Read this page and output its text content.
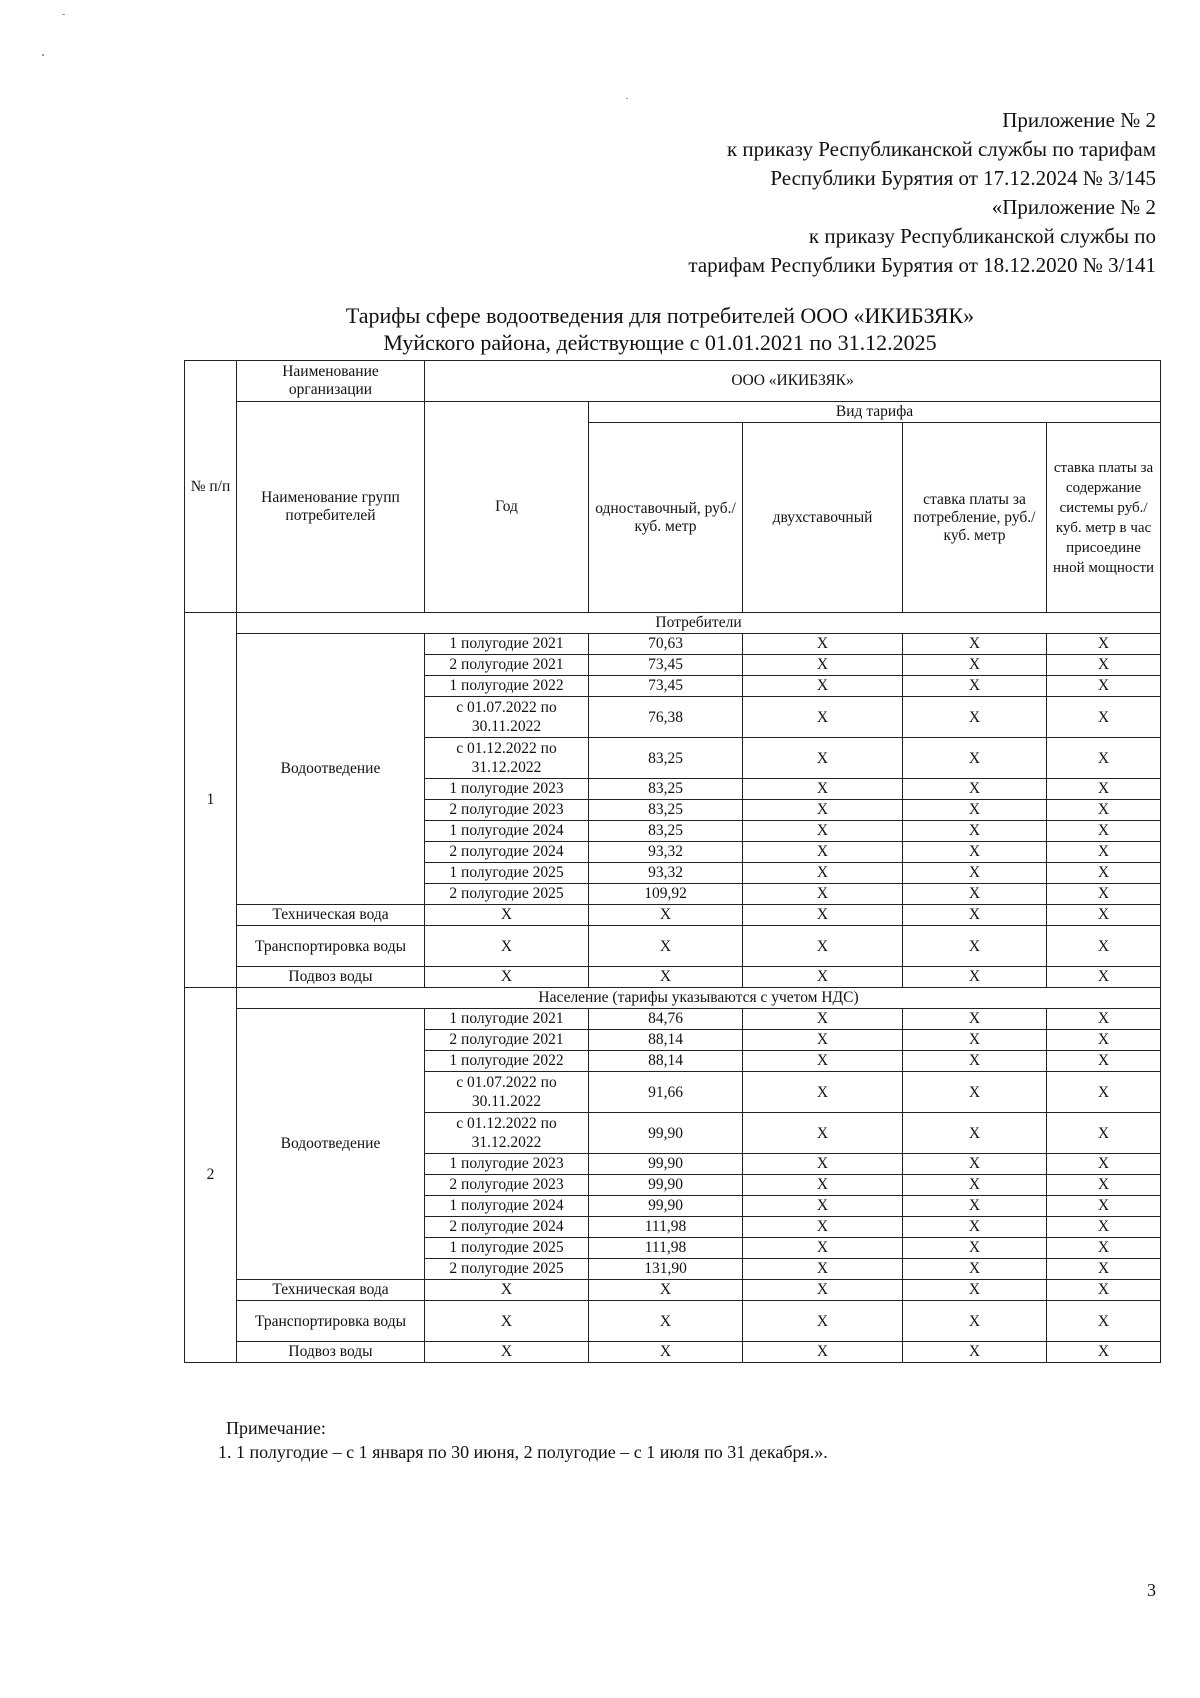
Приложение № 2
к приказу Республиканской службы по тарифам
Республики Бурятия от 17.12.2024 № 3/145
«Приложение № 2
к приказу Республиканской службы по
тарифам Республики Бурятия от 18.12.2020 № 3/141
Тарифы сфере водоотведения для потребителей ООО «ИКИБЗЯК»
Муйского района, действующие с 01.01.2021 по 31.12.2025
№ п/п	Наименование организации	ООО «ИКИБЗЯК»				
	Наименование групп потребителей	Год	Вид тарифа			
			одноставочный, руб./ куб. метр	двухставочный	ставка платы за потребление, руб./ куб. метр	ставка платы за содержание системы руб./куб. метр в час присоедине нной мощности
1	Потребители					
	Водоотведение	1 полугодие 2021	70,63	X	X	X
		2 полугодие 2021	73,45	X	X	X
		1 полугодие 2022	73,45	X	X	X
		с 01.07.2022 по 30.11.2022	76,38	X	X	X
		с 01.12.2022 по 31.12.2022	83,25	X	X	X
		1 полугодие 2023	83,25	X	X	X
		2 полугодие 2023	83,25	X	X	X
		1 полугодие 2024	83,25	X	X	X
		2 полугодие 2024	93,32	X	X	X
		1 полугодие 2025	93,32	X	X	X
		2 полугодие 2025	109,92	X	X	X
	Техническая вода	X	X	X	X	X
	Транспортировка воды	X	X	X	X	X
	Подвоз воды	X	X	X	X	X
2	Население (тарифы указываются с учетом НДС)					
	Водоотведение	1 полугодие 2021	84,76	X	X	X
		2 полугодие 2021	88,14	X	X	X
		1 полугодие 2022	88,14	X	X	X
		с 01.07.2022 по 30.11.2022	91,66	X	X	X
		с 01.12.2022 по 31.12.2022	99,90	X	X	X
		1 полугодие 2023	99,90	X	X	X
		2 полугодие 2023	99,90	X	X	X
		1 полугодие 2024	99,90	X	X	X
		2 полугодие 2024	111,98	X	X	X
		1 полугодие 2025	111,98	X	X	X
		2 полугодие 2025	131,90	X	X	X
	Техническая вода	X	X	X	X	X
	Транспортировка воды	X	X	X	X	X
	Подвоз воды	X	X	X	X	X
Примечание:
1. 1 полугодие – с 1 января по 30 июня, 2 полугодие – с 1 июля по 31 декабря.».
3
